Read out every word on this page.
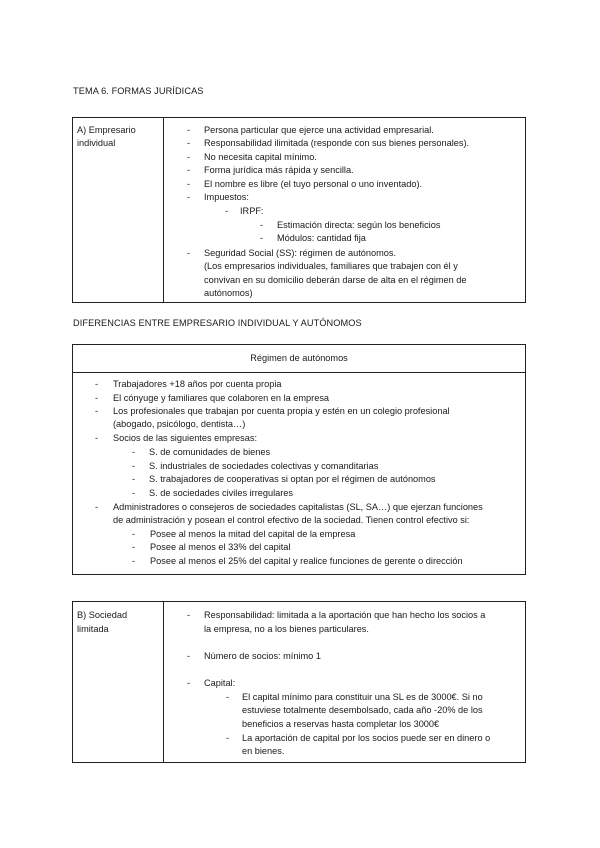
TEMA 6. FORMAS JURÍDICAS
A) Empresario
individual
- Persona particular que ejerce una actividad empresarial.
- Responsabilidad ilimitada (responde con sus bienes personales).
- No necesita capital mínimo.
- Forma jurídica más rápida y sencilla.
- El nombre es libre (el tuyo personal o uno inventado).
- Impuestos:
- IRPF:
- Estimación directa: según los beneficios
- Módulos: cantidad fija
- Seguridad Social (SS): régimen de autónomos.
(Los empresarios individuales, familiares que trabajen con él y
convivan en su domicilio deberán darse de alta en el régimen de
autónomos)
DIFERENCIAS ENTRE EMPRESARIO INDIVIDUAL Y AUTÓNOMOS
Régimen de autónomos
- Trabajadores +18 años por cuenta propia
- El cónyuge y familiares que colaboren en la empresa
- Los profesionales que trabajan por cuenta propia y estén en un colegio profesional
(abogado, psicólogo, dentista…)
- Socios de las siguientes empresas:
- S. de comunidades de bienes
- S. industriales de sociedades colectivas y comanditarias
- S. trabajadores de cooperativas si optan por el régimen de autónomos
- S. de sociedades civiles irregulares
- Administradores o consejeros de sociedades capitalistas (SL, SA…) que ejerzan funciones
de administración y posean el control efectivo de la sociedad. Tienen control efectivo si:
- Posee al menos la mitad del capital de la empresa
- Posee al menos el 33% del capital
- Posee al menos el 25% del capital y realice funciones de gerente o dirección
B) Sociedad
limitada
- Responsabilidad: limitada a la aportación que han hecho los socios a
la empresa, no a los bienes particulares.
- Número de socios: mínimo 1
- Capital:
- El capital mínimo para constituir una SL es de 3000€. Si no
estuviese totalmente desembolsado, cada año -20% de los
beneficios a reservas hasta completar los 3000€
- La aportación de capital por los socios puede ser en dinero o
en bienes.
